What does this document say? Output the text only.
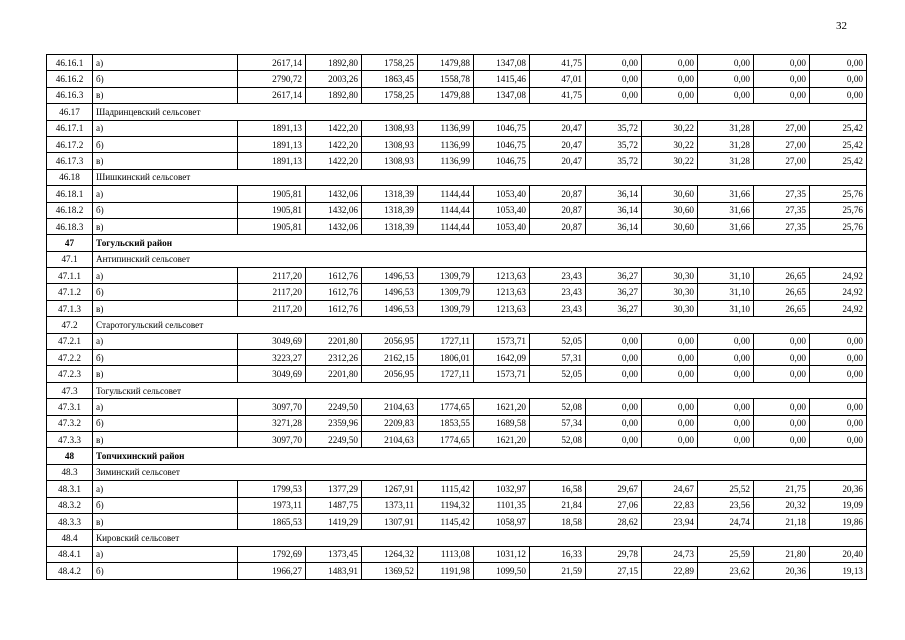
32
46.16.1	а)	2617,14	1892,80	1758,25	1479,88	1347,08	41,75	0,00	0,00	0,00	0,00	0,00
46.16.2	б)	2790,72	2003,26	1863,45	1558,78	1415,46	47,01	0,00	0,00	0,00	0,00	0,00
46.16.3	в)	2617,14	1892,80	1758,25	1479,88	1347,08	41,75	0,00	0,00	0,00	0,00	0,00
46.17	Шадринцевский сельсовет											
46.17.1	а)	1891,13	1422,20	1308,93	1136,99	1046,75	20,47	35,72	30,22	31,28	27,00	25,42
46.17.2	б)	1891,13	1422,20	1308,93	1136,99	1046,75	20,47	35,72	30,22	31,28	27,00	25,42
46.17.3	в)	1891,13	1422,20	1308,93	1136,99	1046,75	20,47	35,72	30,22	31,28	27,00	25,42
46.18	Шишкинский сельсовет											
46.18.1	а)	1905,81	1432,06	1318,39	1144,44	1053,40	20,87	36,14	30,60	31,66	27,35	25,76
46.18.2	б)	1905,81	1432,06	1318,39	1144,44	1053,40	20,87	36,14	30,60	31,66	27,35	25,76
46.18.3	в)	1905,81	1432,06	1318,39	1144,44	1053,40	20,87	36,14	30,60	31,66	27,35	25,76
47	Тогульский район											
47.1	Антипинский сельсовет											
47.1.1	а)	2117,20	1612,76	1496,53	1309,79	1213,63	23,43	36,27	30,30	31,10	26,65	24,92
47.1.2	б)	2117,20	1612,76	1496,53	1309,79	1213,63	23,43	36,27	30,30	31,10	26,65	24,92
47.1.3	в)	2117,20	1612,76	1496,53	1309,79	1213,63	23,43	36,27	30,30	31,10	26,65	24,92
47.2	Старотогульский сельсовет											
47.2.1	а)	3049,69	2201,80	2056,95	1727,11	1573,71	52,05	0,00	0,00	0,00	0,00	0,00
47.2.2	б)	3223,27	2312,26	2162,15	1806,01	1642,09	57,31	0,00	0,00	0,00	0,00	0,00
47.2.3	в)	3049,69	2201,80	2056,95	1727,11	1573,71	52,05	0,00	0,00	0,00	0,00	0,00
47.3	Тогульский сельсовет											
47.3.1	а)	3097,70	2249,50	2104,63	1774,65	1621,20	52,08	0,00	0,00	0,00	0,00	0,00
47.3.2	б)	3271,28	2359,96	2209,83	1853,55	1689,58	57,34	0,00	0,00	0,00	0,00	0,00
47.3.3	в)	3097,70	2249,50	2104,63	1774,65	1621,20	52,08	0,00	0,00	0,00	0,00	0,00
48	Топчихинский район											
48.3	Зиминский сельсовет											
48.3.1	а)	1799,53	1377,29	1267,91	1115,42	1032,97	16,58	29,67	24,67	25,52	21,75	20,36
48.3.2	б)	1973,11	1487,75	1373,11	1194,32	1101,35	21,84	27,06	22,83	23,56	20,32	19,09
48.3.3	в)	1865,53	1419,29	1307,91	1145,42	1058,97	18,58	28,62	23,94	24,74	21,18	19,86
48.4	Кировский сельсовет											
48.4.1	а)	1792,69	1373,45	1264,32	1113,08	1031,12	16,33	29,78	24,73	25,59	21,80	20,40
48.4.2	б)	1966,27	1483,91	1369,52	1191,98	1099,50	21,59	27,15	22,89	23,62	20,36	19,13
